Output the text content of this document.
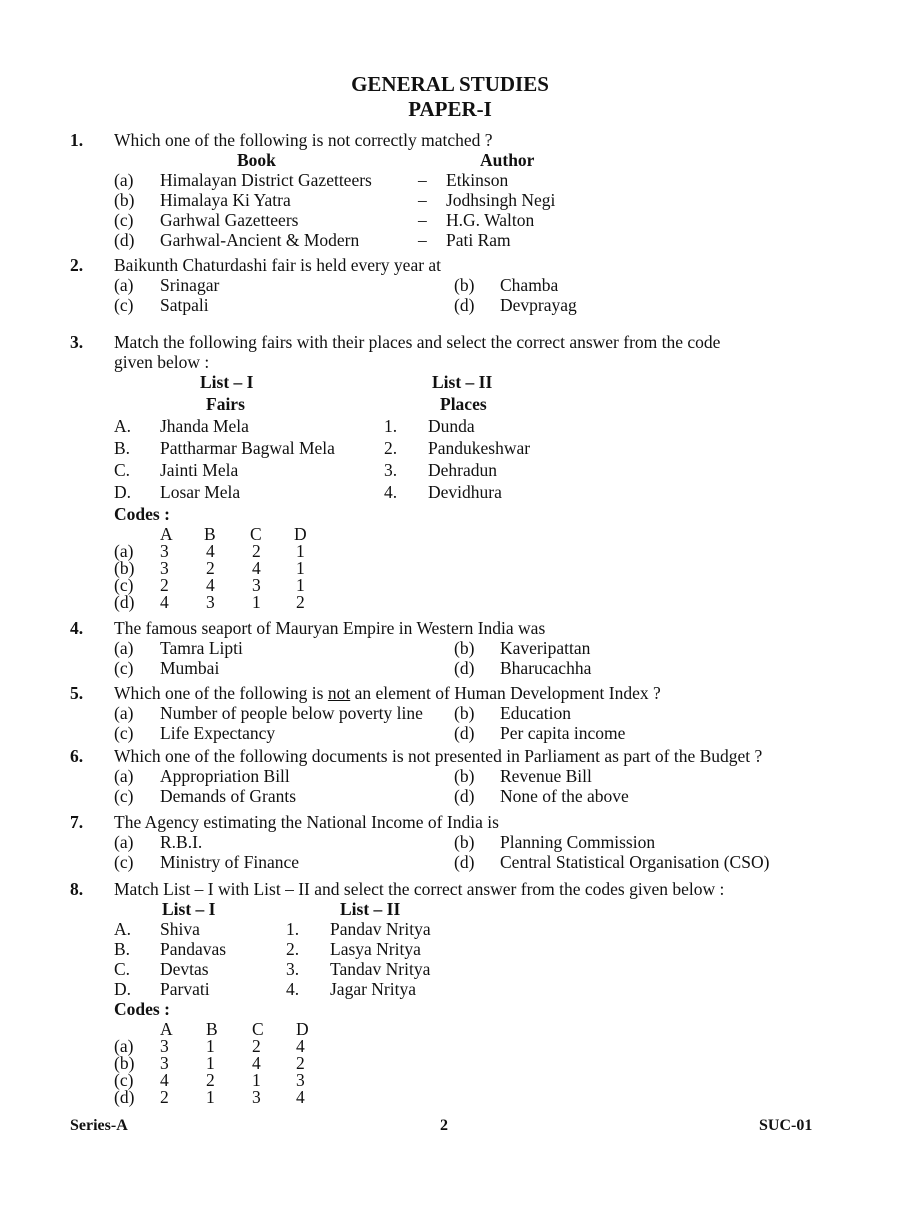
GENERAL STUDIES
PAPER-I
1. Which one of the following is not correctly matched ?
Book	Author
(a) Himalayan District Gazetteers	– Etkinson
(b) Himalaya Ki Yatra	– Jodhsingh Negi
(c) Garhwal Gazetteers	– H.G. Walton
(d) Garhwal-Ancient & Modern	– Pati Ram
2. Baikunth Chaturdashi fair is held every year at
(a) Srinagar	(b) Chamba
(c) Satpali	(d) Devprayag
3. Match the following fairs with their places and select the correct answer from the code
given below :
List – I	List – II
Fairs	Places
A. Jhanda Mela	1. Dunda
B. Pattharmar Bagwal Mela	2. Pandukeshwar
C. Jainti Mela	3. Dehradun
D. Losar Mela	4. Devidhura
Codes :
A B C D
(a) 3 4 2 1
(b) 3 2 4 1
(c) 2 4 3 1
(d) 4 3 1 2
4. The famous seaport of Mauryan Empire in Western India was
(a) Tamra Lipti	(b) Kaveripattan
(c) Mumbai	(d) Bharucachha
5. Which one of the following is not an element of Human Development Index ?
(a) Number of people below poverty line (b) Education
(c) Life Expectancy	(d) Per capita income
6. Which one of the following documents is not presented in Parliament as part of the Budget ?
(a) Appropriation Bill	(b) Revenue Bill
(c) Demands of Grants	(d) None of the above
7. The Agency estimating the National Income of India is
(a) R.B.I.	(b) Planning Commission
(c) Ministry of Finance	(d) Central Statistical Organisation (CSO)
8. Match List – I with List – II and select the correct answer from the codes given below :
List – I	List – II
A. Shiva	1. Pandav Nritya
B. Pandavas	2. Lasya Nritya
C. Devtas	3. Tandav Nritya
D. Parvati	4. Jagar Nritya
Codes :
A B C D
(a) 3 1 2 4
(b) 3 1 4 2
(c) 4 2 1 3
(d) 2 1 3 4
Series-A	2	SUC-01
